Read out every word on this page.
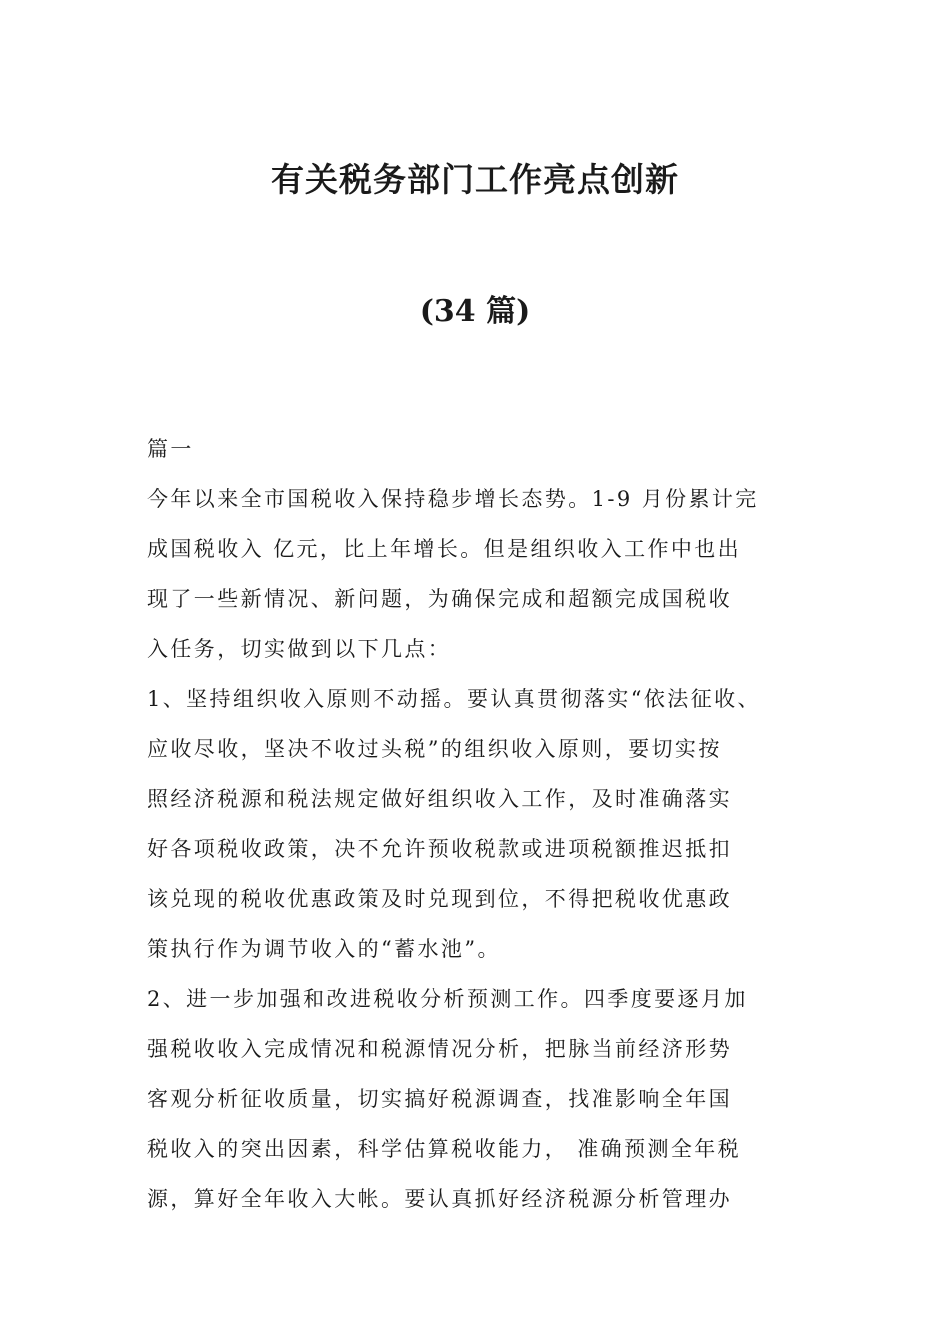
有关税务部门工作亮点创新
(34 篇)
篇一
今年以来全市国税收入保持稳步增长态势。1-9 月份累计完
成国税收入 亿元，比上年增长。但是组织收入工作中也出
现了一些新情况、新问题，为确保完成和超额完成国税收
入任务，切实做到以下几点：
1、坚持组织收入原则不动摇。要认真贯彻落实“依法征收、
应收尽收，坚决不收过头税”的组织收入原则，要切实按
照经济税源和税法规定做好组织收入工作，及时准确落实
好各项税收政策，决不允许预收税款或进项税额推迟抵扣
该兑现的税收优惠政策及时兑现到位，不得把税收优惠政
策执行作为调节收入的“蓄水池”。
2、进一步加强和改进税收分析预测工作。四季度要逐月加
强税收收入完成情况和税源情况分析，把脉当前经济形势
客观分析征收质量，切实搞好税源调查，找准影响全年国
税收入的突出因素，科学估算税收能力， 准确预测全年税
源，算好全年收入大帐。要认真抓好经济税源分析管理办
